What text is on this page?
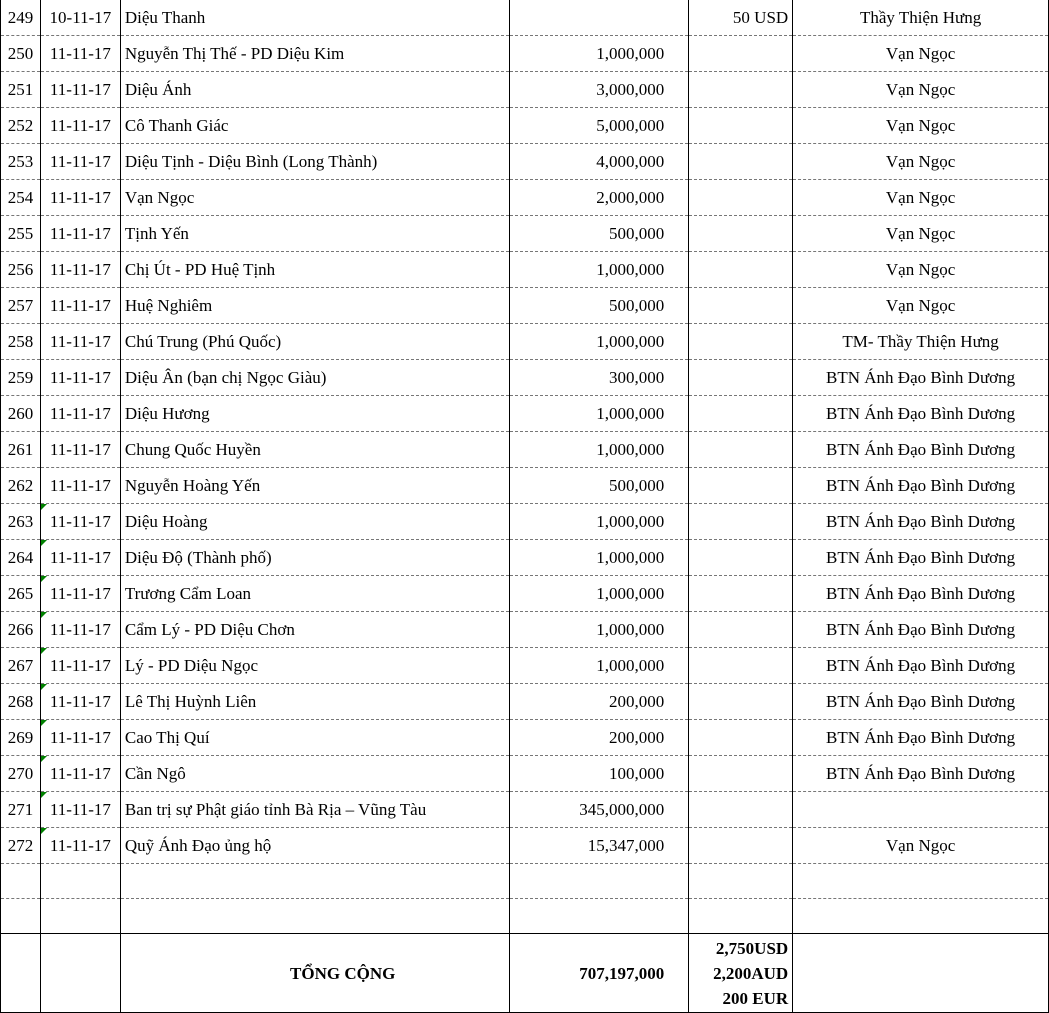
249	10-11-17	Diệu Thanh		50 USD	Thầy Thiện Hưng
250	11-11-17	Nguyễn Thị Thế - PD Diệu Kim	1,000,000		Vạn Ngọc
251	11-11-17	Diệu Ánh	3,000,000		Vạn Ngọc
252	11-11-17	Cô Thanh Giác	5,000,000		Vạn Ngọc
253	11-11-17	Diệu Tịnh - Diệu Bình (Long Thành)	4,000,000		Vạn Ngọc
254	11-11-17	Vạn Ngọc	2,000,000		Vạn Ngọc
255	11-11-17	Tịnh Yến	500,000		Vạn Ngọc
256	11-11-17	Chị Út - PD Huệ Tịnh	1,000,000		Vạn Ngọc
257	11-11-17	Huệ Nghiêm	500,000		Vạn Ngọc
258	11-11-17	Chú Trung (Phú Quốc)	1,000,000		TM- Thầy Thiện Hưng
259	11-11-17	Diệu Ân (bạn chị Ngọc Giàu)	300,000		BTN Ánh Đạo Bình Dương
260	11-11-17	Diệu Hương	1,000,000		BTN Ánh Đạo Bình Dương
261	11-11-17	Chung Quốc Huyền	1,000,000		BTN Ánh Đạo Bình Dương
262	11-11-17	Nguyễn Hoàng Yến	500,000		BTN Ánh Đạo Bình Dương
263	11-11-17	Diệu Hoàng	1,000,000		BTN Ánh Đạo Bình Dương
264	11-11-17	Diệu Độ (Thành phố)	1,000,000		BTN Ánh Đạo Bình Dương
265	11-11-17	Trương Cẩm Loan	1,000,000		BTN Ánh Đạo Bình Dương
266	11-11-17	Cẩm Lý - PD Diệu Chơn	1,000,000		BTN Ánh Đạo Bình Dương
267	11-11-17	Lý - PD Diệu Ngọc	1,000,000		BTN Ánh Đạo Bình Dương
268	11-11-17	Lê Thị Huỳnh Liên	200,000		BTN Ánh Đạo Bình Dương
269	11-11-17	Cao Thị Quí	200,000		BTN Ánh Đạo Bình Dương
270	11-11-17	Cần Ngô	100,000		BTN Ánh Đạo Bình Dương
271	11-11-17	Ban trị sự Phật giáo tỉnh Bà Rịa – Vũng Tàu	345,000,000		
272	11-11-17	Quỹ Ánh Đạo ủng hộ	15,347,000		Vạn Ngọc

		TỔNG CỘNG	707,197,000	2,750USD
2,200AUD
200 EUR	
